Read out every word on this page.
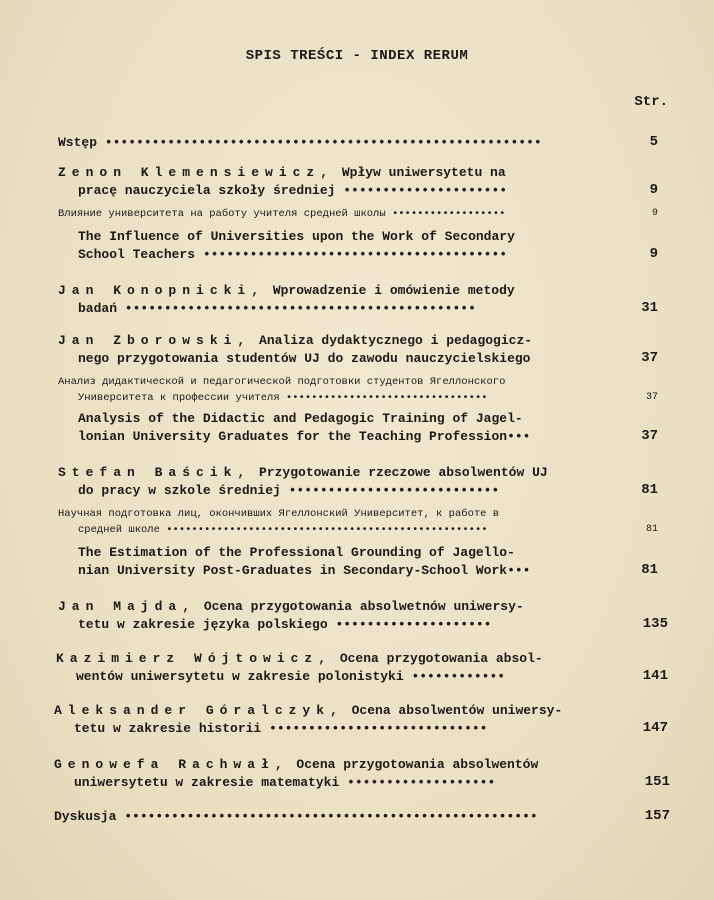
SPIS TREŚCI - INDEX RERUM
Str.
Wstęp ••••••••••••••••••••••••••••••••••••••••••••••••••••••••	5
Zenon Klemensiewicz, Wpływ uniwersytetu na
pracę nauczyciela szkoły średniej •••••••••••••••••••••	9
Влияние университета на работу учителя средней школы ••••••••••••••••••	9
The Influence of Universities upon the Work of Secondary
School Teachers •••••••••••••••••••••••••••••••••••••••	9
Jan Konopnicki, Wprowadzenie i omówienie metody
badań •••••••••••••••••••••••••••••••••••••••••••••	31
Jan Zborowski, Analiza dydaktycznego i pedagogicz-
nego przygotowania studentów UJ do zawodu nauczycielskiego	37
Анализ дидактической и педагогической подготовки студентов Ягеллонского
Университета к профессии учителя ••••••••••••••••••••••••••••••••	37
Analysis of the Didactic and Pedagogic Training of Jagel-
lonian University Graduates for the Teaching Profession•••	37
Stefan Baścik, Przygotowanie rzeczowe absolwentów UJ
do pracy w szkole średniej •••••••••••••••••••••••••••	81
Научная подготовка лиц, окончивших Ягеллонский Университет, к работе в
средней школе •••••••••••••••••••••••••••••••••••••••••••••••••••	81
The Estimation of the Professional Grounding of Jagello-
nian University Post-Graduates in Secondary-School Work•••	81
Jan Majda, Ocena przygotowania absolwetnów uniwersy-
tetu w zakresie języka polskiego ••••••••••••••••••••	135
Kazimierz Wójtowicz, Ocena przygotowania absol-
wentów uniwersytetu w zakresie polonistyki ••••••••••••	141
Aleksander Góralczyk, Ocena absolwentów uniwersy-
tetu w zakresie historii ••••••••••••••••••••••••••••	147
Genowefa Rachwał, Ocena przygotowania absolwentów
uniwersytetu w zakresie matematyki •••••••••••••••••••	151
Dyskusja •••••••••••••••••••••••••••••••••••••••••••••••••••••	157
